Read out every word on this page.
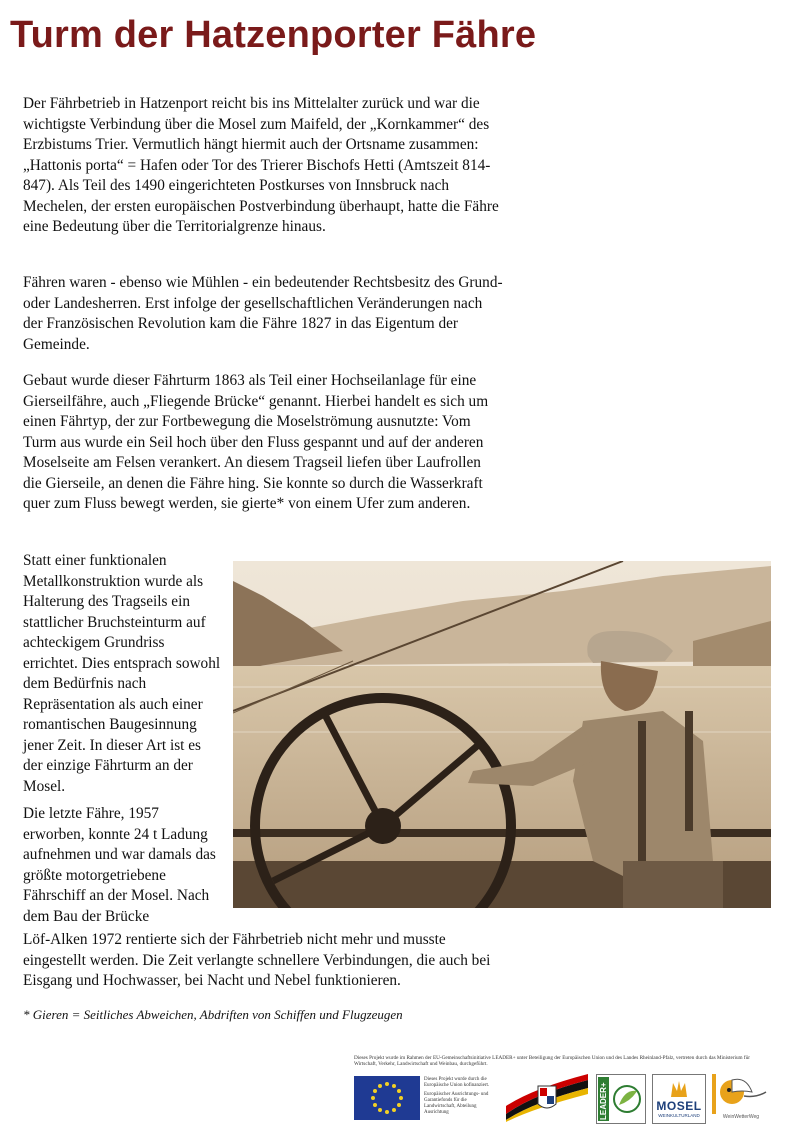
Turm der Hatzenporter Fähre
Der Fährbetrieb in Hatzenport reicht bis ins Mittelalter zurück und war die wichtigste Verbindung über die Mosel zum Maifeld, der „Kornkammer“ des Erzbistums Trier. Vermutlich hängt hiermit auch der Ortsname zusammen: „Hattonis porta“ = Hafen oder Tor des Trierer Bischofs Hetti (Amtszeit 814-847). Als Teil des 1490 eingerichteten Postkurses von Innsbruck nach Mechelen, der ersten europäischen Postverbindung überhaupt, hatte die Fähre eine Bedeutung über die Territorialgrenze hinaus.
Fähren waren - ebenso wie Mühlen - ein bedeutender Rechtsbesitz des Grund- oder Landesherren. Erst infolge der gesellschaftlichen Veränderungen nach der Französischen Revolution kam die Fähre 1827 in das Eigentum der Gemeinde.
Gebaut wurde dieser Fährturm 1863 als Teil einer Hochseilanlage für eine Gierseilfähre, auch „Fliegende Brücke“ genannt. Hierbei handelt es sich um einen Fährtyp, der zur Fortbewegung die Moselströmung ausnutzte: Vom Turm aus wurde ein Seil hoch über den Fluss gespannt und auf der anderen Moselseite am Felsen verankert. An diesem Tragseil liefen über Laufrollen die Gierseile, an denen die Fähre hing. Sie konnte so durch die Wasserkraft quer zum Fluss bewegt werden, sie gierte* von einem Ufer zum anderen.
Statt einer funktionalen Metallkonstruktion wurde als Halterung des Tragseils ein stattlicher Bruchsteinturm auf achteckigem Grundriss errichtet. Dies entsprach sowohl dem Bedürfnis nach Repräsentation als auch einer romantischen Baugesinnung jener Zeit. In dieser Art ist es der einzige Fährturm an der Mosel.
Die letzte Fähre, 1957 erworben, konnte 24 t Ladung aufnehmen und war damals das größte motorgetriebene Fährschiff an der Mosel. Nach dem Bau der Brücke
Löf-Alken 1972 rentierte sich der Fährbetrieb nicht mehr und musste eingestellt werden. Die Zeit verlangte schnellere Verbindungen, die auch bei Eisgang und Hochwasser, bei Nacht und Nebel funktionieren.
* Gieren = Seitliches Abweichen, Abdriften von Schiffen und Flugzeugen
Dieses Projekt wurde im Rahmen der EU-Gemeinschaftsinitiative LEADER+ unter Beteiligung der Europäischen Union und des Landes Rheinland-Pfalz, vertreten durch das Ministerium für Wirtschaft, Verkehr, Landwirtschaft und Weinbau, durchgeführt.
Dieses Projekt wurde durch die Europäische Union kofinanziert.
Europäischer Ausrichtungs- und Garantiefonds für die Landwirtschaft, Abteilung Ausrichtung	LEADER+	MOSEL
WEINKULTURLAND	WeinWetterWeg
